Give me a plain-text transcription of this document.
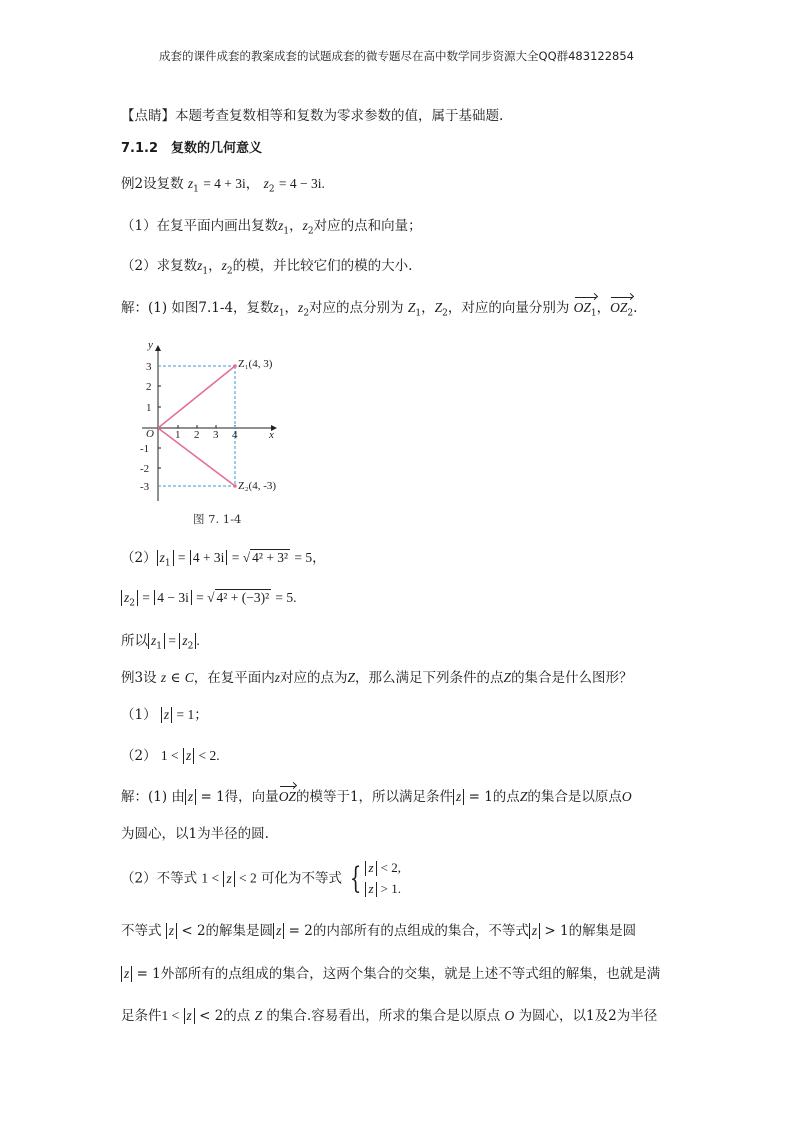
成套的课件成套的教案成套的试题成套的微专题尽在高中数学同步资源大全QQ群483122854
【点睛】本题考查复数相等和复数为零求参数的值，属于基础题.
7.1.2　复数的几何意义
例2设复数 $z_1 = 4 + 3i$， $z_2 = 4 - 3i$.
（1）在复平面内画出复数$z_1$，$z_2$对应的点和向量；
（2）求复数$z_1$，$z_2$的模，并比较它们的模的大小.
解：(1) 如图7.1-4，复数$z_1$，$z_2$对应的点分别为 $Z_1$，$Z_2$，对应的向量分别为 $OZ_1$，$OZ_2$.
y
x
O 1 2 3 4
3
2
1
-1
-2
-3
Z₁(4, 3)
Z₂(4, -3)
图 7. 1-4
（2） $z_1 = 4 + 3i$ = √ 4² + 3² = 5，
$z_2 = 4 - 3i$ = √ 4² + (−3)² = 5.
所以 $z_1 = z_2$ .
例3设 z ∈ C，在复平面内z对应的点为Z，那么满足下列条件的点Z的集合是什么图形？
（1） z = 1；
（2） 1 < z < 2.
解：(1) 由 z = 1得，向量OZ的模等于1，所以满足条件 z = 1的点Z的集合是以原点O
为圆心，以1为半径的圆.
（2）不等式 1 < z < 2 可化为不等式 { z < 2,
z > 1.
不等式 z < 2的解集是圆 z = 2的内部所有的点组成的集合，不等式 z > 1的解集是圆
z = 1外部所有的点组成的集合，这两个集合的交集，就是上述不等式组的解集，也就是满
足条件1 < z < 2的点 Z 的集合.容易看出，所求的集合是以原点 O 为圆心，以1及2为半径
